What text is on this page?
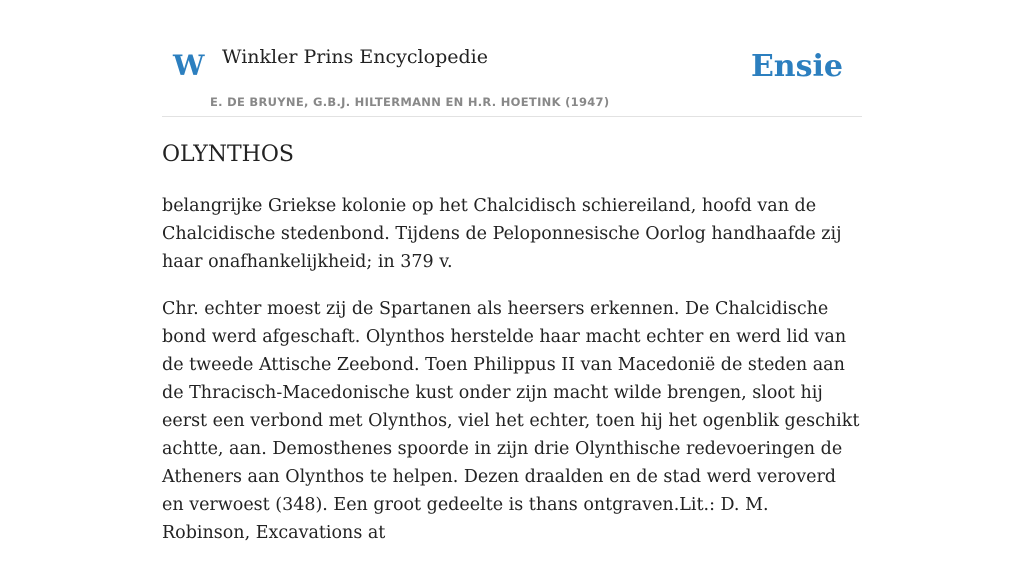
W Winkler Prins Encyclopedie
E. DE BRUYNE, G.B.J. HILTERMANN EN H.R. HOETINK (1947)
Ensie
OLYNTHOS

belangrijke Griekse kolonie op het Chalcidisch schiereiland, hoofd van de Chalcidische stedenbond. Tijdens de Peloponnesische Oorlog handhaafde zij haar onafhankelijkheid; in 379 v.

Chr. echter moest zij de Spartanen als heersers erkennen. De Chalcidische bond werd afgeschaft. Olynthos herstelde haar macht echter en werd lid van de tweede Attische Zeebond. Toen Philippus II van Macedonië de steden aan de Thracisch-Macedonische kust onder zijn macht wilde brengen, sloot hij eerst een verbond met Olynthos, viel het echter, toen hij het ogenblik geschikt achtte, aan. Demosthenes spoorde in zijn drie Olynthische redevoeringen de Atheners aan Olynthos te helpen. Dezen draalden en de stad werd veroverd en verwoest (348). Een groot gedeelte is thans ontgraven.Lit.: D. M. Robinson, Excavations at
